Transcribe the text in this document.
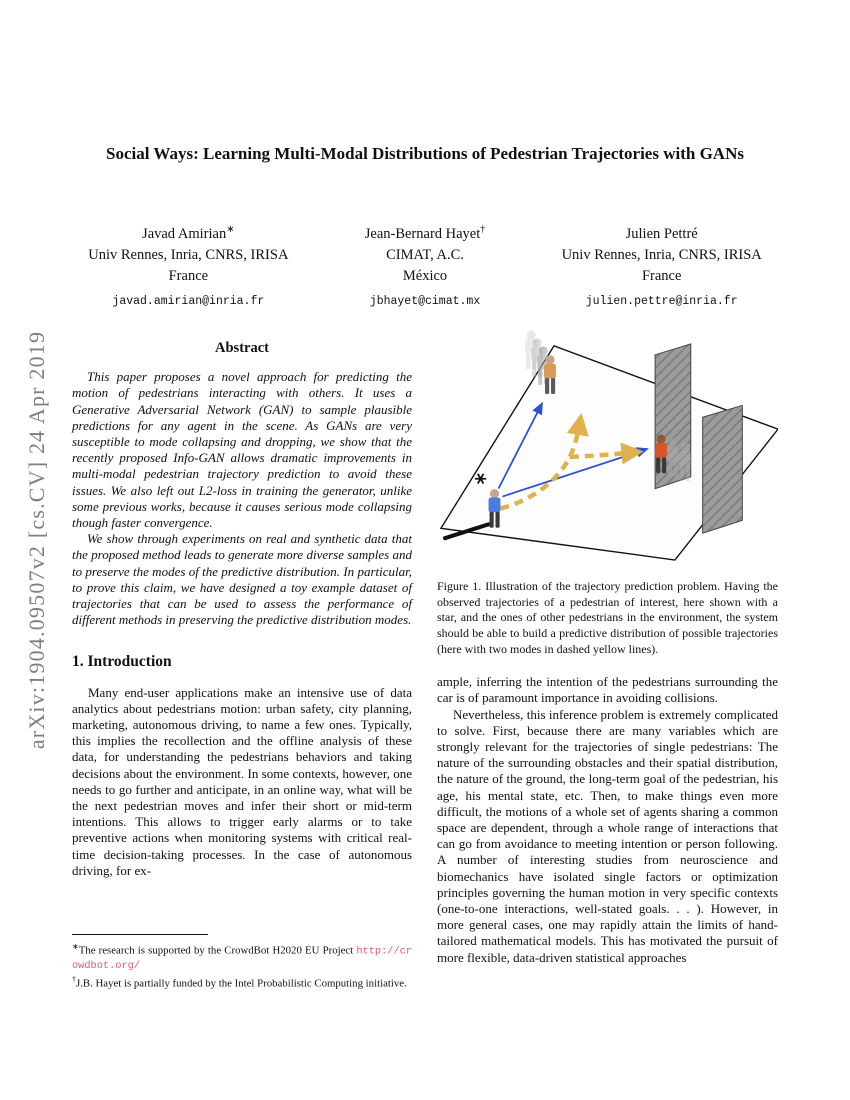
arXiv:1904.09507v2 [cs.CV] 24 Apr 2019
Social Ways: Learning Multi-Modal Distributions of Pedestrian Trajectories with GANs
Javad Amirian∗
Univ Rennes, Inria, CNRS, IRISA
France
javad.amirian@inria.fr
Jean-Bernard Hayet†
CIMAT, A.C.
México
jbhayet@cimat.mx
Julien Pettré
Univ Rennes, Inria, CNRS, IRISA
France
julien.pettre@inria.fr
Abstract

This paper proposes a novel approach for predicting the motion of pedestrians interacting with others. It uses a Generative Adversarial Network (GAN) to sample plausible predictions for any agent in the scene. As GANs are very susceptible to mode collapsing and dropping, we show that the recently proposed Info-GAN allows dramatic improvements in multi-modal pedestrian trajectory prediction to avoid these issues. We also left out L2-loss in training the generator, unlike some previous works, because it causes serious mode collapsing though faster convergence.

We show through experiments on real and synthetic data that the proposed method leads to generate more diverse samples and to preserve the modes of the predictive distribution. In particular, to prove this claim, we have designed a toy example dataset of trajectories that can be used to assess the performance of different methods in preserving the predictive distribution modes.

1. Introduction

Many end-user applications make an intensive use of data analytics about pedestrians motion: urban safety, city planning, marketing, autonomous driving, to name a few ones. Typically, this implies the recollection and the offline analysis of these data, for understanding the pedestrians behaviors and taking decisions about the environment. In some contexts, however, one needs to go further and anticipate, in an online way, what will be the next pedestrian moves and infer their short or mid-term intentions. This allows to trigger early alarms or to take preventive actions when monitoring systems with critical real-time decision-taking processes. In the case of autonomous driving, for ex-

∗The research is supported by the CrowdBot H2020 EU Project http://crowdbot.org/

†J.B. Hayet is partially funded by the Intel Probabilistic Computing initiative.

Figure 1. Illustration of the trajectory prediction problem. Having the observed trajectories of a pedestrian of interest, here shown with a star, and the ones of other pedestrians in the environment, the system should be able to build a predictive distribution of possible trajectories (here with two modes in dashed yellow lines).

ample, inferring the intention of the pedestrians surrounding the car is of paramount importance in avoiding collisions.

Nevertheless, this inference problem is extremely complicated to solve. First, because there are many variables which are strongly relevant for the trajectories of single pedestrians: The nature of the surrounding obstacles and their spatial distribution, the nature of the ground, the long-term goal of the pedestrian, his age, his mental state, etc. Then, to make things even more difficult, the motions of a whole set of agents sharing a common space are dependent, through a whole range of interactions that can go from avoidance to meeting intention or person following. A number of interesting studies from neuroscience and biomechanics have isolated single factors or optimization principles governing the human motion in very specific contexts (one-to-one interactions, well-stated goals. . . ). However, in more general cases, one may rapidly attain the limits of hand-tailored mathematical models. This has motivated the pursuit of more flexible, data-driven statistical approaches
